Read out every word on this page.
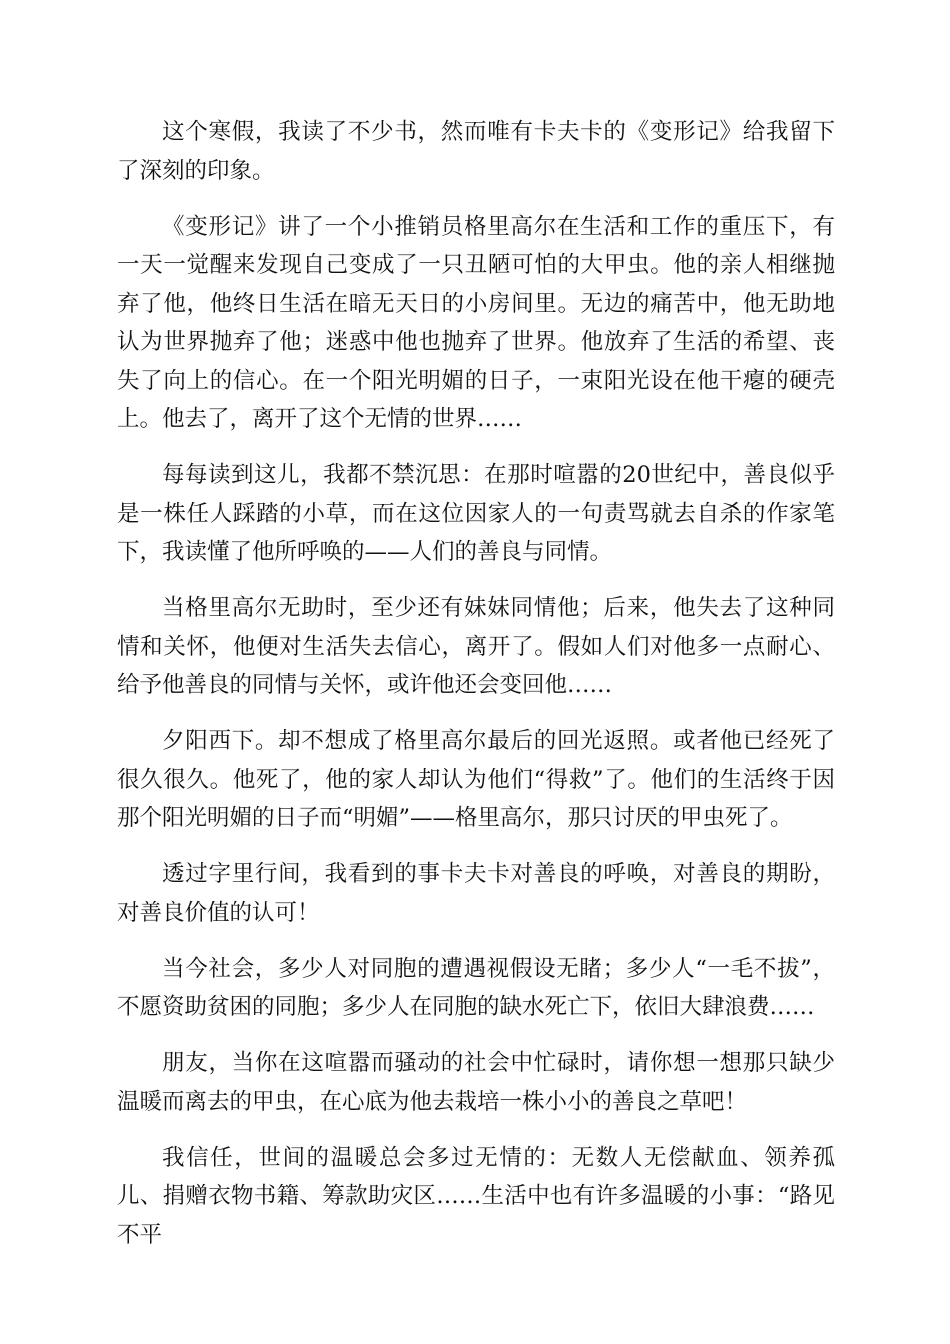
这个寒假，我读了不少书，然而唯有卡夫卡的《变形记》给我留下了深刻的印象。

《变形记》讲了一个小推销员格里高尔在生活和工作的重压下，有一天一觉醒来发现自己变成了一只丑陋可怕的大甲虫。他的亲人相继抛弃了他，他终日生活在暗无天日的小房间里。无边的痛苦中，他无助地认为世界抛弃了他；迷惑中他也抛弃了世界。他放弃了生活的希望、丧失了向上的信心。在一个阳光明媚的日子，一束阳光设在他干瘪的硬壳上。他去了，离开了这个无情的世界……

每每读到这儿，我都不禁沉思：在那时喧嚣的20世纪中，善良似乎是一株任人踩踏的小草，而在这位因家人的一句责骂就去自杀的作家笔下，我读懂了他所呼唤的——人们的善良与同情。

当格里高尔无助时，至少还有妹妹同情他；后来，他失去了这种同情和关怀，他便对生活失去信心，离开了。假如人们对他多一点耐心、给予他善良的同情与关怀，或许他还会变回他……

夕阳西下。却不想成了格里高尔最后的回光返照。或者他已经死了很久很久。他死了，他的家人却认为他们“得救”了。他们的生活终于因那个阳光明媚的日子而“明媚”——格里高尔，那只讨厌的甲虫死了。

透过字里行间，我看到的事卡夫卡对善良的呼唤，对善良的期盼，对善良价值的认可！

当今社会，多少人对同胞的遭遇视假设无睹；多少人“一毛不拔”，不愿资助贫困的同胞；多少人在同胞的缺水死亡下，依旧大肆浪费……

朋友，当你在这喧嚣而骚动的社会中忙碌时，请你想一想那只缺少温暖而离去的甲虫，在心底为他去栽培一株小小的善良之草吧！

我信任，世间的温暖总会多过无情的：无数人无偿献血、领养孤儿、捐赠衣物书籍、筹款助灾区……生活中也有许多温暖的小事：“路见不平
